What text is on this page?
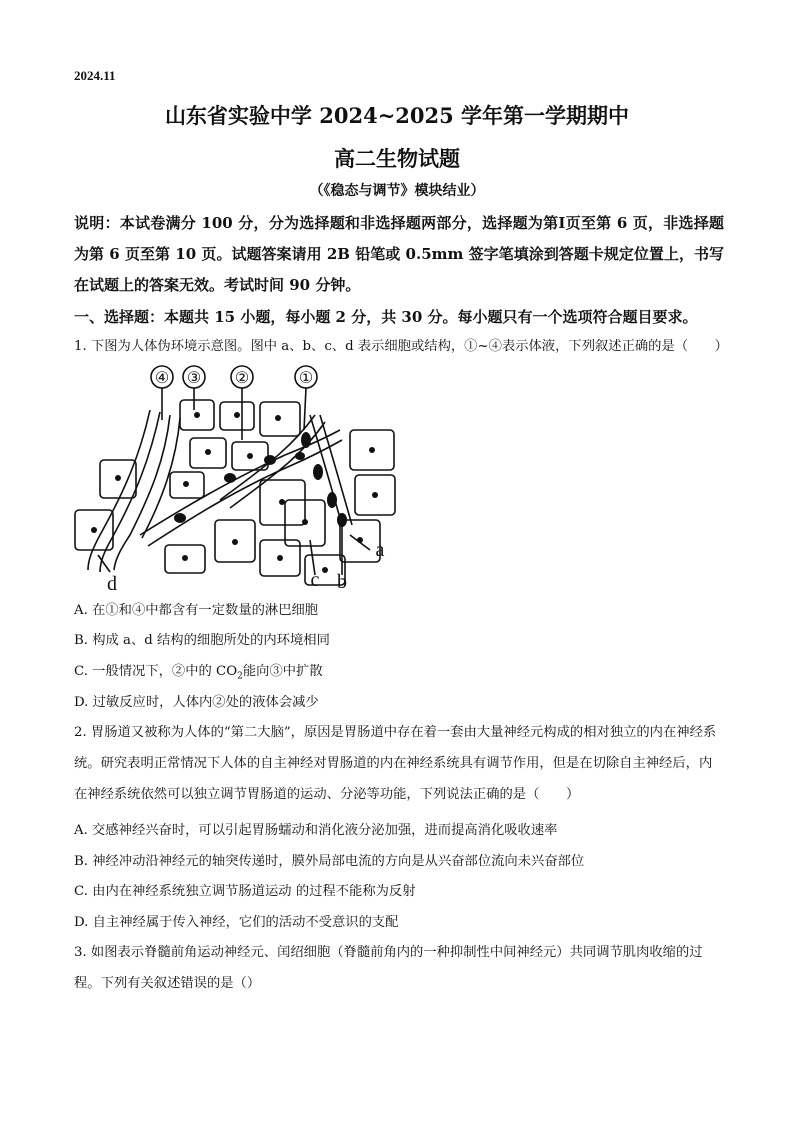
2024.11
山东省实验中学 2024~2025 学年第一学期期中
高二生物试题
（《稳态与调节》模块结业）
说明：本试卷满分 100 分，分为选择题和非选择题两部分，选择题为第Ⅰ页至第 6 页，非选择题为第 6 页至第 10 页。试题答案请用 2B 铅笔或 0.5mm 签字笔填涂到答题卡规定位置上，书写在试题上的答案无效。考试时间 90 分钟。
一、选择题：本题共 15 小题，每小题 2 分，共 30 分。每小题只有一个选项符合题目要求。
1. 下图为人体伪环境示意图。图中 a、b、c、d 表示细胞或结构，①~④表示体液，下列叙述正确的是（　　）
④ ③ ②	①
a
b
c
d
A. 在①和④中都含有一定数量的淋巴细胞
B. 构成 a、d 结构的细胞所处的内环境相同
C. 一般情况下，②中的 $CO_2$能向③中扩散
D. 过敏反应时，人体内②处的液体会减少
2. 胃肠道又被称为人体的“第二大脑”，原因是胃肠道中存在着一套由大量神经元构成的相对独立的内在神经系统。研究表明正常情况下人体的自主神经对胃肠道的内在神经系统具有调节作用，但是在切除自主神经后，内在神经系统依然可以独立调节胃肠道的运动、分泌等功能，下列说法正确的是（　　）
A. 交感神经兴奋时，可以引起胃肠蠕动和消化液分泌加强，进而提高消化吸收速率
B. 神经冲动沿神经元的轴突传递时，膜外局部电流的方向是从兴奋部位流向未兴奋部位
C. 由内在神经系统独立调节肠道运动 的过程不能称为反射
D. 自主神经属于传入神经，它们的活动不受意识的支配
3. 如图表示脊髓前角运动神经元、闰绍细胞（脊髓前角内的一种抑制性中间神经元）共同调节肌肉收缩的过程。下列有关叙述错误的是（）
